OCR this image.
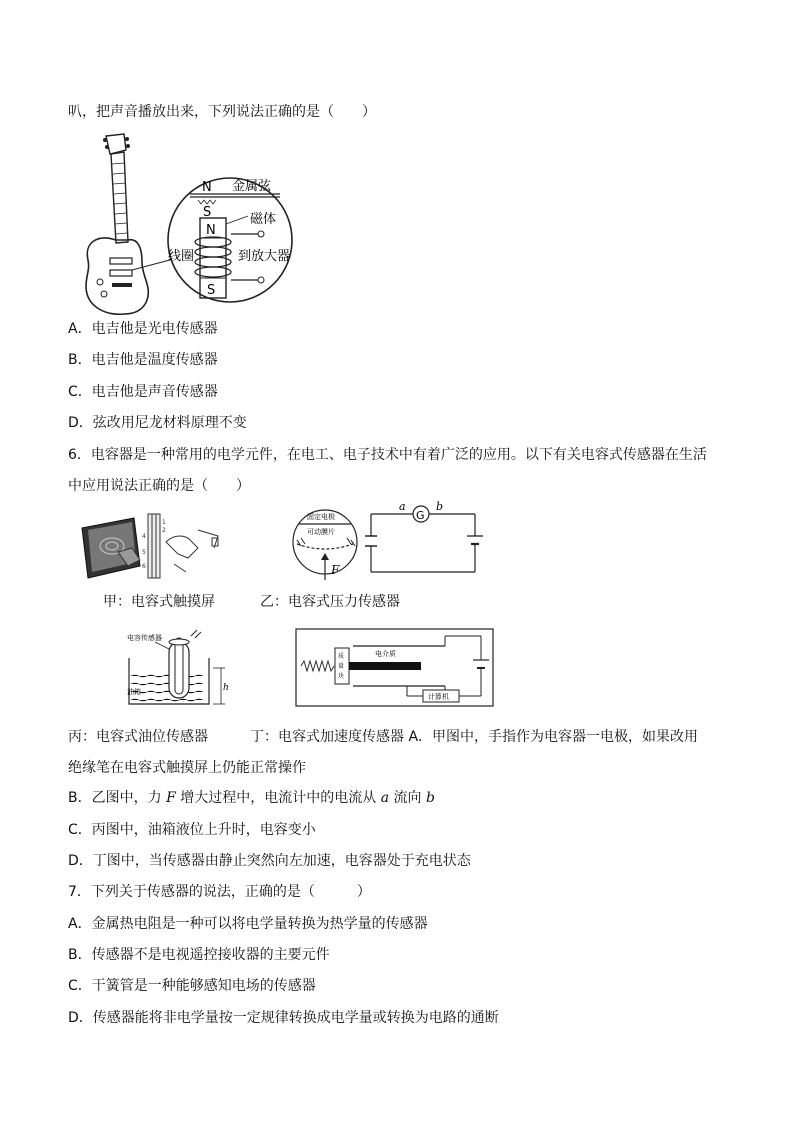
叭，把声音播放出来，下列说法正确的是（　　）
N 金属弦
S
N
S
磁体
线圈	到放大器
A．电吉他是光电传感器
B．电吉他是温度传感器
C．电吉他是声音传感器
D．弦改用尼龙材料原理不变
6．电容器是一种常用的电学元件，在电工、电子技术中有着广泛的应用。以下有关电容式传感器在生活
中应用说法正确的是（　　）
1
2
4
5
6
固定电极
可动膜片
F
G
a	b
甲：电容式触摸屏	乙：电容式压力传感器
电容传感器
油箱	h
质
量
块
电介质
计算机
丙：电容式油位传感器　　　丁：电容式加速度传感器 A．甲图中，手指作为电容器一电极，如果改用
绝缘笔在电容式触摸屏上仍能正常操作
B．乙图中，力 F 增大过程中，电流计中的电流从 a 流向 b
C．丙图中，油箱液位上升时，电容变小
D．丁图中，当传感器由静止突然向左加速，电容器处于充电状态
7．下列关于传感器的说法，正确的是（　　　）
A．金属热电阻是一种可以将电学量转换为热学量的传感器
B．传感器不是电视遥控接收器的主要元件
C．干簧管是一种能够感知电场的传感器
D．传感器能将非电学量按一定规律转换成电学量或转换为电路的通断
